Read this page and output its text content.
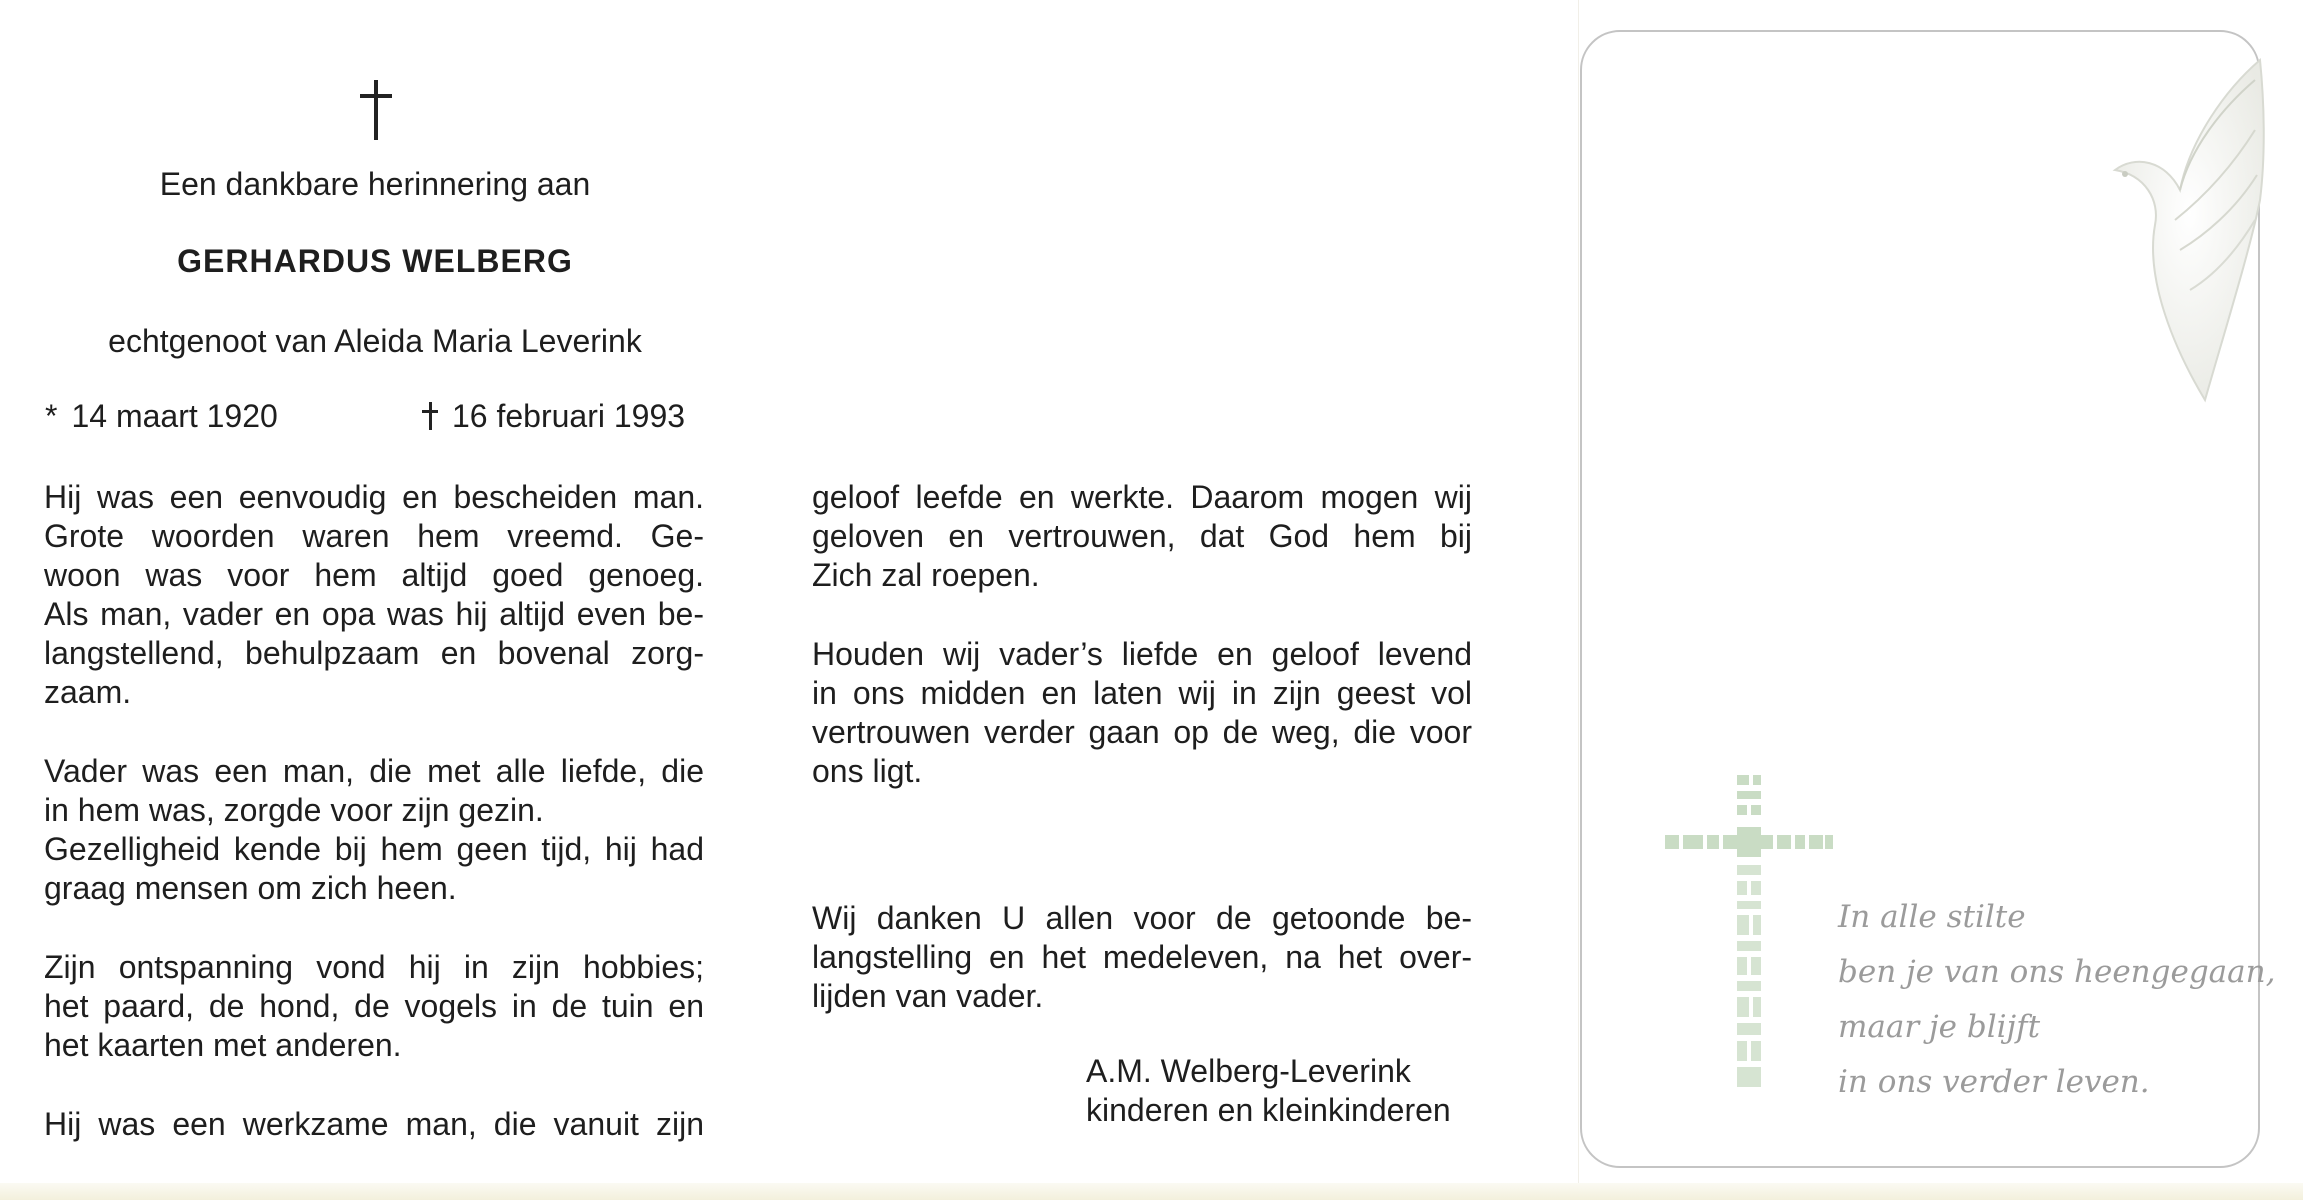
Een dankbare herinnering aan
GERHARDUS WELBERG
echtgenoot van Aleida Maria Leverink
* 14 maart 1920	16 februari 1993
Hij was een eenvoudig en bescheiden man.
Grote woorden waren hem vreemd. Ge-
woon was voor hem altijd goed genoeg.
Als man, vader en opa was hij altijd even be-
langstellend, behulpzaam en bovenal zorg-
zaam.
Vader was een man, die met alle liefde, die
in hem was, zorgde voor zijn gezin.
Gezelligheid kende bij hem geen tijd, hij had
graag mensen om zich heen.
Zijn ontspanning vond hij in zijn hobbies;
het paard, de hond, de vogels in de tuin en
het kaarten met anderen.
Hij was een werkzame man, die vanuit zijn
geloof leefde en werkte. Daarom mogen wij
geloven en vertrouwen, dat God hem bij
Zich zal roepen.
Houden wij vader’s liefde en geloof levend
in ons midden en laten wij in zijn geest vol
vertrouwen verder gaan op de weg, die voor
ons ligt.
Wij danken U allen voor de getoonde be-
langstelling en het medeleven, na het over-
lijden van vader.
A.M. Welberg-Leverink
kinderen en kleinkinderen
In alle stilte
ben je van ons heengegaan,
maar je blijft
in ons verder leven.
